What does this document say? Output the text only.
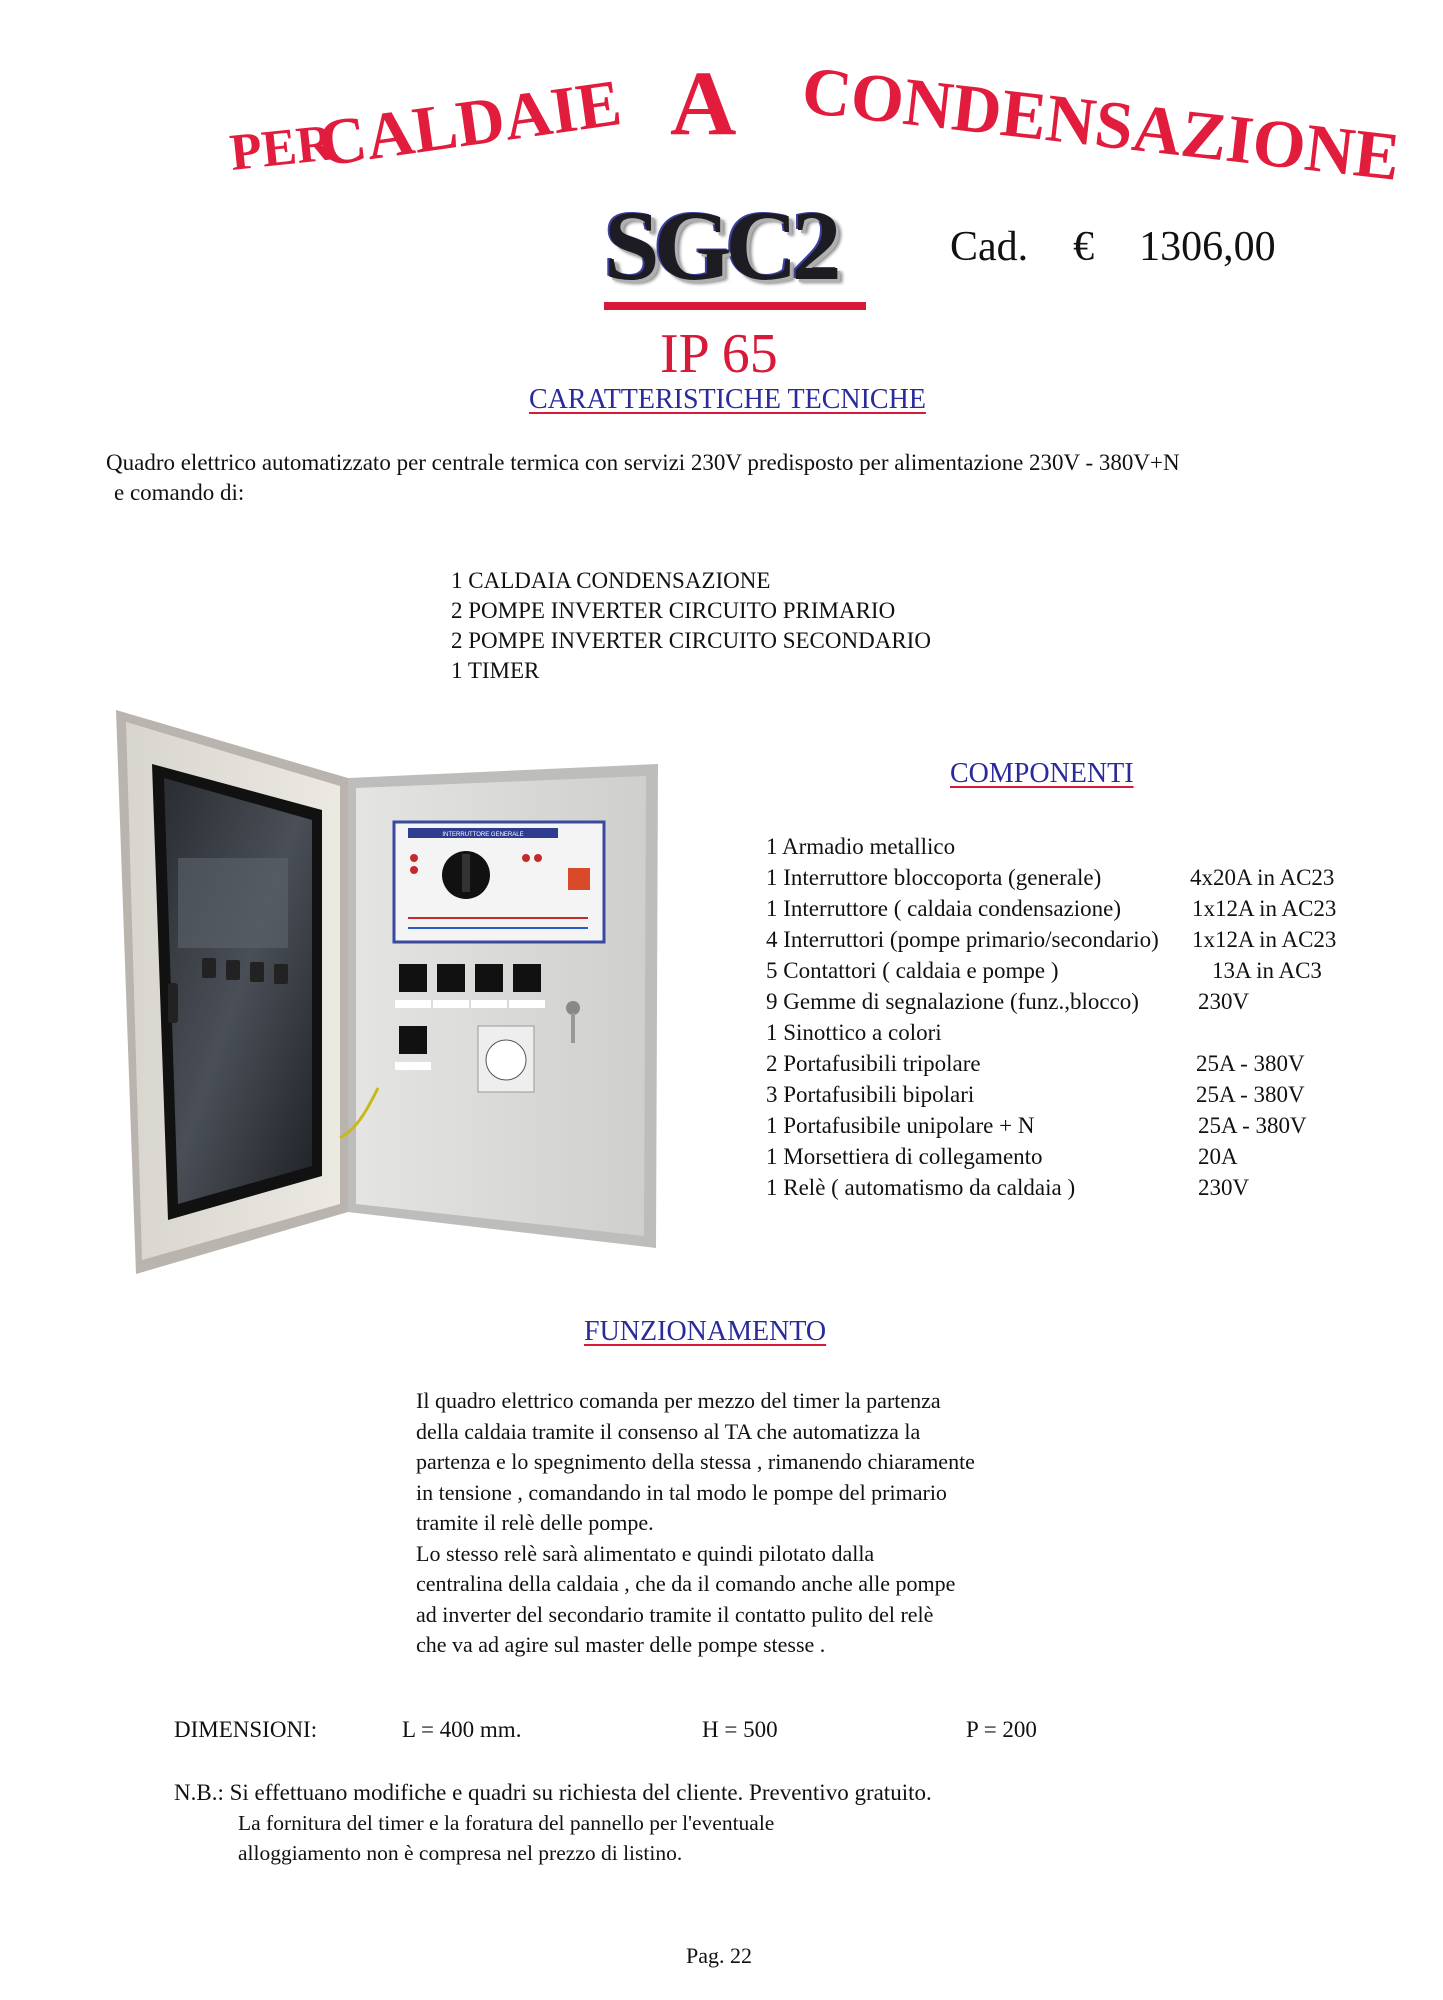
PER
CALDAIE A CONDENSAZIONE
SGC2	Cad.  €  1306,00
IP 65
CARATTERISTICHE TECNICHE
Quadro elettrico automatizzato per centrale termica con servizi 230V predisposto per alimentazione 230V - 380V+N
e comando di:
1 CALDAIA CONDENSAZIONE
2 POMPE INVERTER CIRCUITO PRIMARIO
2 POMPE INVERTER CIRCUITO SECONDARIO
1 TIMER
INTERRUTTORE GENERALE
COMPONENTI
1 Armadio metallico
1 Interruttore bloccoporta (generale)	4x20A in AC23
1 Interruttore ( caldaia condensazione)	1x12A in AC23
4 Interruttori (pompe primario/secondario) 1x12A in AC23
5 Contattori ( caldaia e pompe )	13A in AC3
9 Gemme di segnalazione (funz.,blocco)	230V
1 Sinottico a colori
2 Portafusibili tripolare	25A - 380V
3 Portafusibili bipolari	25A - 380V
1 Portafusibile unipolare + N	25A - 380V
1 Morsettiera di collegamento	20A
1 Relè ( automatismo da caldaia )	230V
FUNZIONAMENTO

Il quadro elettrico comanda per mezzo del timer la partenza

della caldaia tramite il consenso al TA che automatizza la

partenza e lo spegnimento della stessa , rimanendo chiaramente

in tensione , comandando in tal modo le pompe del primario

tramite il relè delle pompe.

Lo stesso relè sarà alimentato e quindi pilotato dalla

centralina della caldaia , che da il comando anche alle pompe

ad inverter del secondario tramite il contatto pulito del relè

che va ad agire sul master delle pompe stesse .

DIMENSIONI:	L = 400 mm.	H = 500	P = 200
N.B.: Si effettuano modifiche e quadri su richiesta del cliente. Preventivo gratuito.
La fornitura del timer e la foratura del pannello per l'eventuale
alloggiamento non è compresa nel prezzo di listino.
Pag. 22
